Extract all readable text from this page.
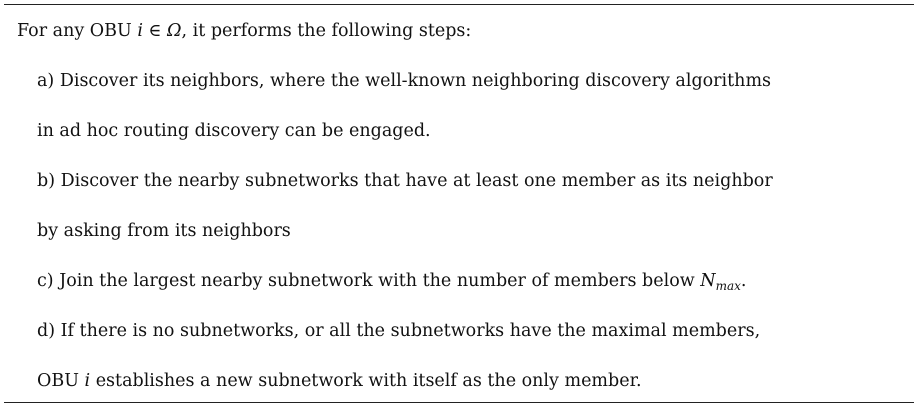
For any OBU i ∈ Ω, it performs the following steps:
a) Discover its neighbors, where the well-known neighboring discovery algorithms
in ad hoc routing discovery can be engaged.
b) Discover the nearby subnetworks that have at least one member as its neighbor
by asking from its neighbors
c) Join the largest nearby subnetwork with the number of members below $N_{max}$.
d) If there is no subnetworks, or all the subnetworks have the maximal members,
OBU i establishes a new subnetwork with itself as the only member.
